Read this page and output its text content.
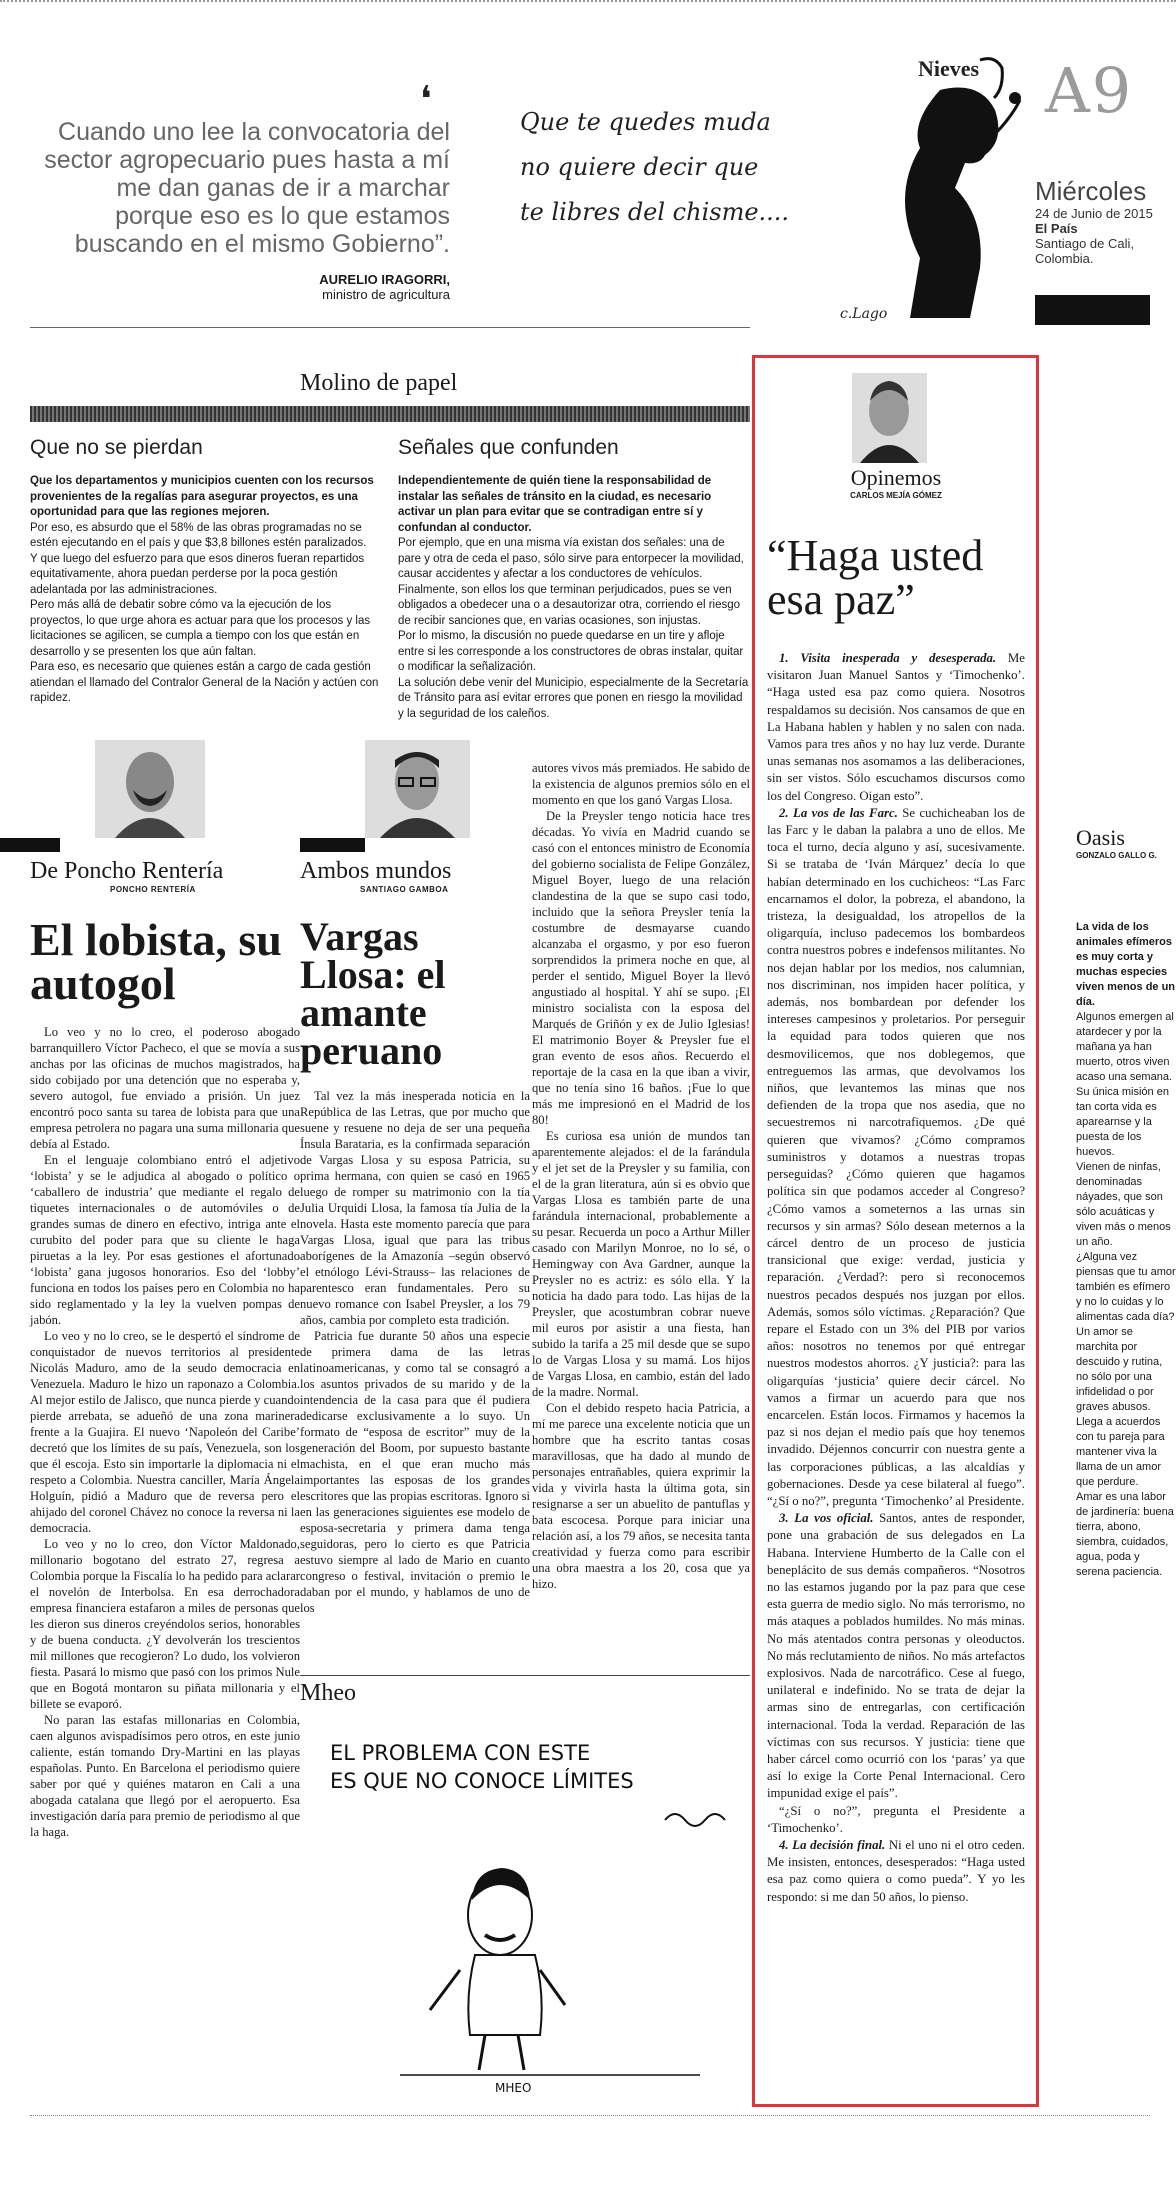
❛

Cuando uno lee la convocatoria del sector agropecuario pues hasta a mí me dan ganas de ir a marchar porque eso es lo que estamos buscando en el mismo Gobierno”.

AURELIO IRAGORRI,
ministro de agricultura
Nieves
Que te quedes muda
no quiere decir que
te libres del chisme....
c.Lago
A9
Miércoles
24 de Junio de 2015
El País
Santiago de Cali, Colombia.
Molino de papel
Que no se pierdan
Que los departamentos y municipios cuenten con los recursos provenientes de la regalías para asegurar proyectos, es una oportunidad para que las regiones mejoren.
Por eso, es absurdo que el 58% de las obras programadas no se estén ejecutando en el país y que $3,8 billones estén paralizados.
Y que luego del esfuerzo para que esos dineros fueran repartidos equitativamente, ahora puedan perderse por la poca gestión adelantada por las administraciones.
Pero más allá de debatir sobre cómo va la ejecución de los proyectos, lo que urge ahora es actuar para que los procesos y las licitaciones se agilicen, se cumpla a tiempo con los que están en desarrollo y se presenten los que aún faltan.
Para eso, es necesario que quienes están a cargo de cada gestión atiendan el llamado del Contralor General de la Nación y actúen con rapidez.
Señales que confunden
Independientemente de quién tiene la responsabilidad de instalar las señales de tránsito en la ciudad, es necesario activar un plan para evitar que se contradigan entre sí y confundan al conductor.
Por ejemplo, que en una misma vía existan dos señales: una de pare y otra de ceda el paso, sólo sirve para entorpecer la movilidad, causar accidentes y afectar a los conductores de vehículos.
Finalmente, son ellos los que terminan perjudicados, pues se ven obligados a obedecer una o a desautorizar otra, corriendo el riesgo de recibir sanciones que, en varias ocasiones, son injustas.
Por lo mismo, la discusión no puede quedarse en un tire y afloje entre si les corresponde a los constructores de obras instalar, quitar o modificar la señalización.
La solución debe venir del Municipio, especialmente de la Secretaría de Tránsito para así evitar errores que ponen en riesgo la movilidad y la seguridad de los caleños.
De Poncho Rentería
PONCHO RENTERÍA
El lobista, su autogol

Lo veo y no lo creo, el poderoso abogado barranquillero Víctor Pacheco, el que se movía a sus anchas por las oficinas de muchos magistrados, ha sido cobijado por una detención que no esperaba y, severo autogol, fue enviado a prisión. Un juez encontró poco santa su tarea de lobista para que una empresa petrolera no pagara una suma millonaria que debía al Estado.

En el lenguaje colombiano entró el adjetivo ‘lobista’ y se le adjudica al abogado o político o ‘caballero de industria’ que mediante el regalo de tiquetes internacionales o de automóviles o de grandes sumas de dinero en efectivo, intriga ante el curubito del poder para que su cliente le haga piruetas a la ley. Por esas gestiones el afortunado ‘lobista’ gana jugosos honorarios. Eso del ‘lobby’ funciona en todos los países pero en Colombia no ha sido reglamentado y la ley la vuelven pompas de jabón.

Lo veo y no lo creo, se le despertó el síndrome de conquistador de nuevos territorios al presidente Nicolás Maduro, amo de la seudo democracia en Venezuela. Maduro le hizo un raponazo a Colombia. Al mejor estilo de Jalisco, que nunca pierde y cuando pierde arrebata, se adueñó de una zona marinera frente a la Guajira. El nuevo ‘Napoleón del Caribe’ decretó que los límites de su país, Venezuela, son los que él escoja. Esto sin importarle la diplomacia ni el respeto a Colombia. Nuestra canciller, María Ángela Holguín, pidió a Maduro que de reversa pero el ahijado del coronel Chávez no conoce la reversa ni la democracia.

Lo veo y no lo creo, don Víctor Maldonado, millonario bogotano del estrato 27, regresa a Colombia porque la Fiscalía lo ha pedido para aclarar el novelón de Interbolsa. En esa derrochadora empresa financiera estafaron a miles de personas que les dieron sus dineros creyéndolos serios, honorables y de buena conducta. ¿Y devolverán los trescientos mil millones que recogieron? Lo dudo, los volvieron fiesta. Pasará lo mismo que pasó con los primos Nule que en Bogotá montaron su piñata millonaria y el billete se evaporó.

No paran las estafas millonarias en Colombia, caen algunos avispadísimos pero otros, en este junio caliente, están tomando Dry-Martini en las playas españolas. Punto. En Barcelona el periodismo quiere saber por qué y quiénes mataron en Cali a una abogada catalana que llegó por el aeropuerto. Esa investigación daría para premio de periodismo al que la haga.

Ambos mundos
SANTIAGO GAMBOA
Vargas Llosa: el amante peruano

Tal vez la más inesperada noticia en la República de las Letras, que por mucho que suene y resuene no deja de ser una pequeña Ínsula Barataria, es la confirmada separación de Vargas Llosa y su esposa Patricia, su prima hermana, con quien se casó en 1965 luego de romper su matrimonio con la tía Julia Urquidi Llosa, la famosa tía Julia de la novela. Hasta este momento parecía que para Vargas Llosa, igual que para las tribus aborígenes de la Amazonía –según observó el etnólogo Lévi-Strauss– las relaciones de parentesco eran fundamentales. Pero su nuevo romance con Isabel Preysler, a los 79 años, cambia por completo esta tradición.

Patricia fue durante 50 años una especie de primera dama de las letras latinoamericanas, y como tal se consagró a los asuntos privados de su marido y de la intendencia de la casa para que él pudiera dedicarse exclusivamente a lo suyo. Un formato de “esposa de escritor” muy de la generación del Boom, por supuesto bastante machista, en el que eran mucho más importantes las esposas de los grandes escritores que las propias escritoras. Ignoro si en las generaciones siguientes ese modelo de esposa-secretaria y primera dama tenga seguidoras, pero lo cierto es que Patricia estuvo siempre al lado de Mario en cuanto congreso o festival, invitación o premio le daban por el mundo, y hablamos de uno de los

autores vivos más premiados. He sabido de la existencia de algunos premios sólo en el momento en que los ganó Vargas Llosa.

De la Preysler tengo noticia hace tres décadas. Yo vivía en Madrid cuando se casó con el entonces ministro de Economía del gobierno socialista de Felipe González, Miguel Boyer, luego de una relación clandestina de la que se supo casi todo, incluido que la señora Preysler tenía la costumbre de desmayarse cuando alcanzaba el orgasmo, y por eso fueron sorprendidos la primera noche en que, al perder el sentido, Miguel Boyer la llevó angustiado al hospital. Y ahí se supo. ¡El ministro socialista con la esposa del Marqués de Griñón y ex de Julio Iglesias! El matrimonio Boyer & Preysler fue el gran evento de esos años. Recuerdo el reportaje de la casa en la que iban a vivir, que no tenía sino 16 baños. ¡Fue lo que más me impresionó en el Madrid de los 80!

Es curiosa esa unión de mundos tan aparentemente alejados: el de la farándula y el jet set de la Preysler y su familia, con el de la gran literatura, aún si es obvio que Vargas Llosa es también parte de una farándula internacional, probablemente a su pesar. Recuerda un poco a Arthur Miller casado con Marilyn Monroe, no lo sé, o Hemingway con Ava Gardner, aunque la Preysler no es actriz: es sólo ella. Y la noticia ha dado para todo. Las hijas de la Preysler, que acostumbran cobrar nueve mil euros por asistir a una fiesta, han subido la tarifa a 25 mil desde que se supo lo de Vargas Llosa y su mamá. Los hijos de Vargas Llosa, en cambio, están del lado de la madre. Normal.

Con el debido respeto hacia Patricia, a mí me parece una excelente noticia que un hombre que ha escrito tantas cosas maravillosas, que ha dado al mundo de personajes entrañables, quiera exprimir la vida y vivirla hasta la última gota, sin resignarse a ser un abuelito de pantuflas y bata escocesa. Porque para iniciar una relación así, a los 79 años, se necesita tanta creatividad y fuerza como para escribir una obra maestra a los 20, cosa que ya hizo.

Mheo
EL PROBLEMA CON ESTE
ES QUE NO CONOCE LÍMITES
MHEO
Opinemos
CARLOS MEJÍA GÓMEZ
“Haga usted esa paz”

1. Visita inesperada y desesperada. Me visitaron Juan Manuel Santos y ‘Timochenko’. “Haga usted esa paz como quiera. Nosotros respaldamos su decisión. Nos cansamos de que en La Habana hablen y hablen y no salen con nada. Vamos para tres años y no hay luz verde. Durante unas semanas nos asomamos a las deliberaciones, sin ser vistos. Sólo escuchamos discursos como los del Congreso. Oigan esto”.

2. La vos de las Farc. Se cuchicheaban los de las Farc y le daban la palabra a uno de ellos. Me toca el turno, decía alguno y así, sucesivamente. Si se trataba de ‘Iván Márquez’ decía lo que habían determinado en los cuchicheos: “Las Farc encarnamos el dolor, la pobreza, el abandono, la tristeza, la desigualdad, los atropellos de la oligarquía, incluso padecemos los bombardeos contra nuestros pobres e indefensos militantes. No nos dejan hablar por los medios, nos calumnian, nos discriminan, nos impiden hacer política, y además, nos bombardean por defender los intereses campesinos y proletarios. Por perseguir la equidad para todos quieren que nos desmovilicemos, que nos doblegemos, que entreguemos las armas, que devolvamos los niños, que levantemos las minas que nos defienden de la tropa que nos asedia, que no secuestremos ni narcotrafiquemos. ¿De qué quieren que vivamos? ¿Cómo compramos suministros y dotamos a nuestras tropas perseguidas? ¿Cómo quieren que hagamos política sin que podamos acceder al Congreso? ¿Cómo vamos a someternos a las urnas sin recursos y sin armas? Sólo desean meternos a la cárcel dentro de un proceso de justicia transicional que exige: verdad, justicia y reparación. ¿Verdad?: pero si reconocemos nuestros pecados después nos juzgan por ellos. Además, somos sólo víctimas. ¿Reparación? Que repare el Estado con un 3% del PIB por varios años: nosotros no tenemos por qué entregar nuestros modestos ahorros. ¿Y justicia?: para las oligarquías ‘justicia’ quiere decir cárcel. No vamos a firmar un acuerdo para que nos encarcelen. Están locos. Firmamos y hacemos la paz si nos dejan el medio país que hoy tenemos invadido. Déjennos concurrir con nuestra gente a las corporaciones públicas, a las alcaldías y gobernaciones. Desde ya cese bilateral al fuego”. “¿Sí o no?”, pregunta ‘Timochenko’ al Presidente.

3. La vos oficial. Santos, antes de responder, pone una grabación de sus delegados en La Habana. Interviene Humberto de la Calle con el beneplácito de sus demás compañeros. “Nosotros no las estamos jugando por la paz para que cese esta guerra de medio siglo. No más terrorismo, no más ataques a poblados humildes. No más minas. No más atentados contra personas y oleoductos. No más reclutamiento de niños. No más artefactos explosivos. Nada de narcotráfico. Cese al fuego, unilateral e indefinido. No se trata de dejar la armas sino de entregarlas, con certificación internacional. Toda la verdad. Reparación de las víctimas con sus recursos. Y justicia: tiene que haber cárcel como ocurrió con los ‘paras’ ya que así lo exige la Corte Penal Internacional. Cero impunidad exige el país”.

“¿Sí o no?”, pregunta el Presidente a ‘Timochenko’.

4. La decisión final. Ni el uno ni el otro ceden. Me insisten, entonces, desesperados: “Haga usted esa paz como quiera o como pueda”. Y yo les respondo: si me dan 50 años, lo pienso.

Oasis
GONZALO GALLO G.
La vida de los animales efímeros es muy corta y muchas especies viven menos de un día.
Algunos emergen al atardecer y por la mañana ya han muerto, otros viven acaso una semana.
Su única misión en tan corta vida es aparearnse y la puesta de los huevos.
Vienen de ninfas, denominadas náyades, que son sólo acuáticas y viven más o menos un año.
¿Alguna vez piensas que tu amor también es efímero y no lo cuidas y lo alimentas cada día?
Un amor se marchita por descuido y rutina, no sólo por una infidelidad o por graves abusos.
Llega a acuerdos con tu pareja para mantener viva la llama de un amor que perdure.
Amar es una labor de jardinería: buena tierra, abono, siembra, cuidados, agua, poda y serena paciencia.
